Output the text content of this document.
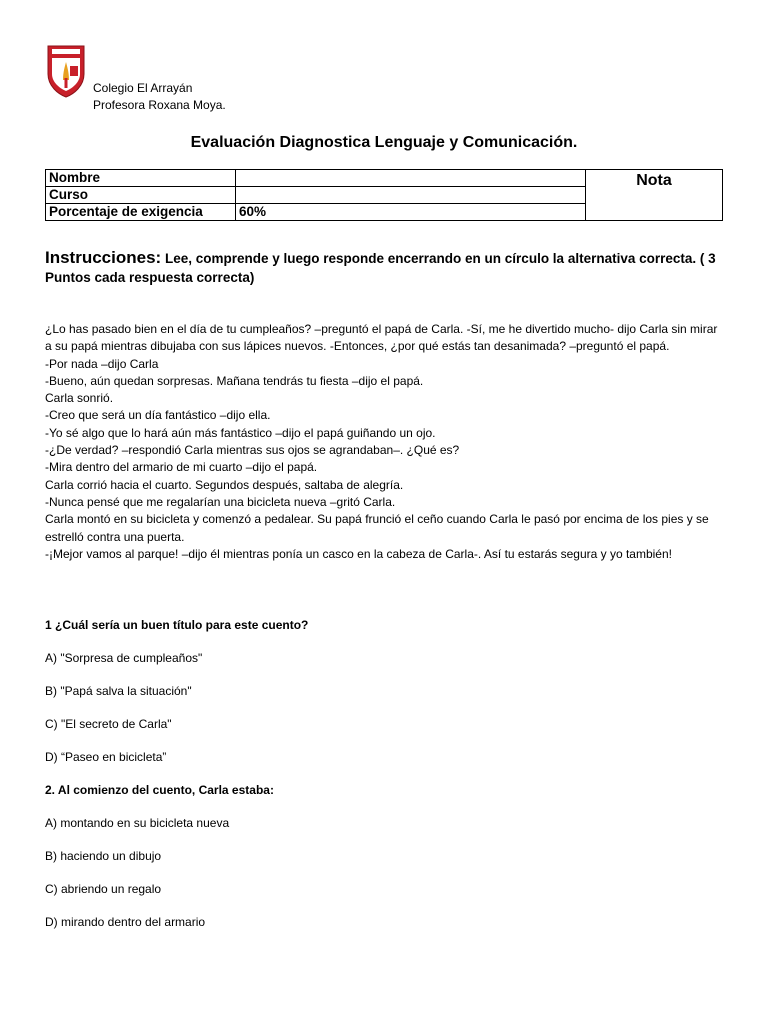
Colegio El Arrayán
Profesora Roxana Moya.
Evaluación Diagnostica Lenguaje y Comunicación.
Nombre		Nota
Curso		
Porcentaje de exigencia	60%	
Instrucciones: Lee, comprende y luego responde encerrando en un círculo la alternativa correcta. ( 3 Puntos cada respuesta correcta)

¿Lo has pasado bien en el día de tu cumpleaños? –preguntó el papá de Carla. -Sí, me he divertido mucho- dijo Carla sin mirar a su papá mientras dibujaba con sus lápices nuevos. -Entonces, ¿por qué estás tan desanimada? –preguntó el papá.

-Por nada –dijo Carla

-Bueno, aún quedan sorpresas. Mañana tendrás tu fiesta –dijo el papá.

Carla sonrió.

-Creo que será un día fantástico –dijo ella.

-Yo sé algo que lo hará aún más fantástico –dijo el papá guiñando un ojo.

-¿De verdad? –respondió Carla mientras sus ojos se agrandaban–. ¿Qué es?

-Mira dentro del armario de mi cuarto –dijo el papá.

Carla corrió hacia el cuarto. Segundos después, saltaba de alegría.

-Nunca pensé que me regalarían una bicicleta nueva –gritó Carla.

Carla montó en su bicicleta y comenzó a pedalear. Su papá frunció el ceño cuando Carla le pasó por encima de los pies y se estrelló contra una puerta.

-¡Mejor vamos al parque! –dijo él mientras ponía un casco en la cabeza de Carla-. Así tu estarás segura y yo también!

1 ¿Cuál sería un buen título para este cuento?
A) "Sorpresa de cumpleaños"
B) "Papá salva la situación"
C) "El secreto de Carla"
D) “Paseo en bicicleta”
2. Al comienzo del cuento, Carla estaba:
A) montando en su bicicleta nueva
B) haciendo un dibujo
C) abriendo un regalo
D) mirando dentro del armario
